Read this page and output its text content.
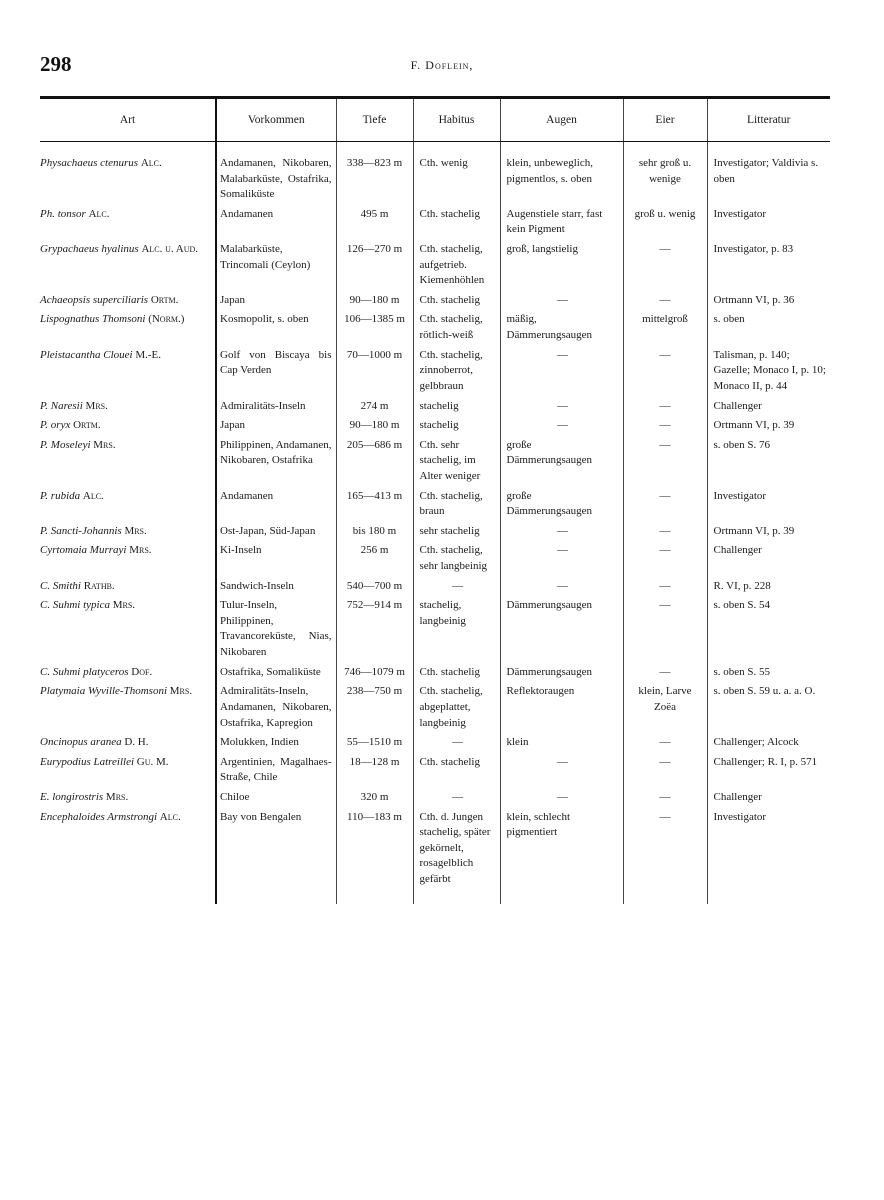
298	F. Doflein,
Art	Vorkommen	Tiefe	Habitus	Augen	Eier	Litteratur
Physachaeus ctenurus Alc.	Andamanen, Nikobaren, Malabarküste, Ostafrika, Somaliküste	338—823 m	Cth. wenig	klein, unbeweglich, pigmentlos, s. oben	sehr groß u. wenige	Investigator; Valdivia s. oben
Ph. tonsor Alc.	Andamanen	495 m	Cth. stachelig	Augenstiele starr, fast kein Pigment	groß u. wenig	Investigator
Grypachaeus hyalinus Alc. u. Aud.	Malabarküste, Trincomali (Ceylon)	126—270 m	Cth. stachelig, aufgetrieb. Kiemenhöhlen	groß, langstielig	—	Investigator, p. 83
Achaeopsis superciliaris Ortm.	Japan	90—180 m	Cth. stachelig	—	—	Ortmann VI, p. 36
Lispognathus Thomsoni (Norm.)	Kosmopolit, s. oben	106—1385 m	Cth. stachelig, rötlich-weiß	mäßig, Dämmerungsaugen	mittelgroß	s. oben
Pleistacantha Clouei M.-E.	Golf von Biscaya bis Cap Verden	70—1000 m	Cth. stachelig, zinnoberrot, gelbbraun	—	—	Talisman, p. 140; Gazelle; Monaco I, p. 10; Monaco II, p. 44
P. Naresii Mrs.	Admiralitäts-Inseln	274 m	stachelig	—	—	Challenger
P. oryx Ortm.	Japan	90—180 m	stachelig	—	—	Ortmann VI, p. 39
P. Moseleyi Mrs.	Philippinen, Andamanen, Nikobaren, Ostafrika	205—686 m	Cth. sehr stachelig, im Alter weniger	große Dämmerungsaugen	—	s. oben S. 76
P. rubida Alc.	Andamanen	165—413 m	Cth. stachelig, braun	große Dämmerungsaugen	—	Investigator
P. Sancti-Johannis Mrs.	Ost-Japan, Süd-Japan	bis 180 m	sehr stachelig	—	—	Ortmann VI, p. 39
Cyrtomaia Murrayi Mrs.	Ki-Inseln	256 m	Cth. stachelig, sehr langbeinig	—	—	Challenger
C. Smithi Rathb.	Sandwich-Inseln	540—700 m	—	—	—	R. VI, p. 228
C. Suhmi typica Mrs.	Tulur-Inseln, Philippinen, Travancoreküste, Nias, Nikobaren	752—914 m	stachelig, langbeinig	Dämmerungsaugen	—	s. oben S. 54
C. Suhmi platyceros Dof.	Ostafrika, Somaliküste	746—1079 m	Cth. stachelig	Dämmerungsaugen	—	s. oben S. 55
Platymaia Wyville-Thomsoni Mrs.	Admiralitäts-Inseln, Andamanen, Nikobaren, Ostafrika, Kapregion	238—750 m	Cth. stachelig, abgeplattet, langbeinig	Reflektoraugen	klein, Larve Zoëa	s. oben S. 59 u. a. a. O.
Oncinopus aranea D. H.	Molukken, Indien	55—1510 m	—	klein	—	Challenger; Alcock
Eurypodius Latreillei Gu. M.	Argentinien, Magalhaes-Straße, Chile	18—128 m	Cth. stachelig	—	—	Challenger; R. I, p. 571
E. longirostris Mrs.	Chiloe	320 m	—	—	—	Challenger
Encephaloides Armstrongi Alc.	Bay von Bengalen	110—183 m	Cth. d. Jungen stachelig, später gekörnelt, rosagelblich gefärbt	klein, schlecht pigmentiert	—	Investigator
